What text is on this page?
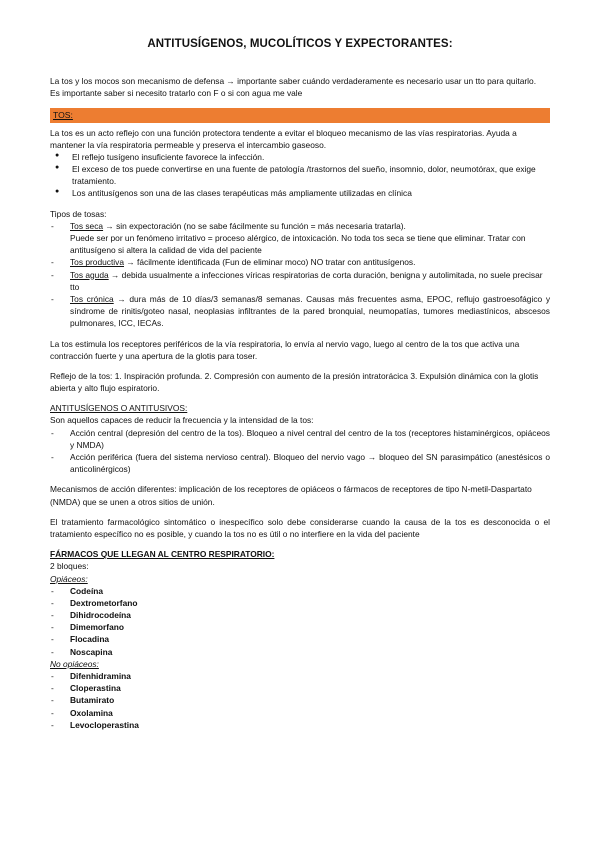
ANTITUSÍGENOS, MUCOLÍTICOS Y EXPECTORANTES:

La tos y los mocos son mecanismo de defensa → importante saber cuándo verdaderamente es necesario usar un tto para quitarlo.

Es importante saber si necesito tratarlo con F o si con agua me vale

TOS:

La tos es un acto reflejo con una función protectora tendente a evitar el bloqueo mecanismo de las vías respiratorias. Ayuda a mantener la vía respiratoria permeable y preserva el intercambio gaseoso.

● El reflejo tusígeno insuficiente favorece la infección.
● El exceso de tos puede convertirse en una fuente de patología /trastornos del sueño, insomnio, dolor, neumotórax, que exige tratamiento.
● Los antitusígenos son una de las clases terapéuticas más ampliamente utilizadas en clínica

Tipos de tosas:

- Tos seca → sin expectoración (no se sabe fácilmente su función = más necesaria tratarla).
Puede ser por un fenómeno irritativo = proceso alérgico, de intoxicación. No toda tos seca se tiene que eliminar. Tratar con antitusígeno si altera la calidad de vida del paciente
- Tos productiva → fácilmente identificada (Fun de eliminar moco) NO tratar con antitusígenos.
- Tos aguda → debida usualmente a infecciones víricas respiratorias de corta duración, benigna y autolimitada, no suele precisar tto
- Tos crónica → dura más de 10 días/3 semanas/8 semanas. Causas más frecuentes asma, EPOC, reflujo gastroesofágico y síndrome de rinitis/goteo nasal, neoplasias infiltrantes de la pared bronquial, neumopatías, tumores mediastínicos, abscesos pulmonares, ICC, IECAs.

La tos estimula los receptores periféricos de la vía respiratoria, lo envía al nervio vago, luego al centro de la tos que activa una contracción fuerte y una apertura de la glotis para toser.

Reflejo de la tos: 1. Inspiración profunda. 2. Compresión con aumento de la presión intratorácica 3. Expulsión dinámica con la glotis abierta y alto flujo espiratorio.

ANTITUSÍGENOS O ANTITUSIVOS:

Son aquellos capaces de reducir la frecuencia y la intensidad de la tos:

- Acción central (depresión del centro de la tos). Bloqueo a nivel central del centro de la tos (receptores histaminérgicos, opiáceos y NMDA)
- Acción periférica (fuera del sistema nervioso central). Bloqueo del nervio vago → bloqueo del SN parasimpático (anestésicos o anticolinérgicos)

Mecanismos de acción diferentes: implicación de los receptores de opiáceos o fármacos de receptores de tipo N-metil-Daspartato (NMDA) que se unen a otros sitios de unión.

El tratamiento farmacológico sintomático o inespecífico solo debe considerarse cuando la causa de la tos es desconocida o el tratamiento específico no es posible, y cuando la tos no es útil o no interfiere en la vida del paciente

FÁRMACOS QUE LLEGAN AL CENTRO RESPIRATORIO:

2 bloques:

Opiáceos:

- Codeína
- Dextrometorfano
- Dihidrocodeína
- Dimemorfano
- Flocadina
- Noscapina

No opiáceos:

- Difenhidramina
- Cloperastina
- Butamirato
- Oxolamina
- Levocloperastina
